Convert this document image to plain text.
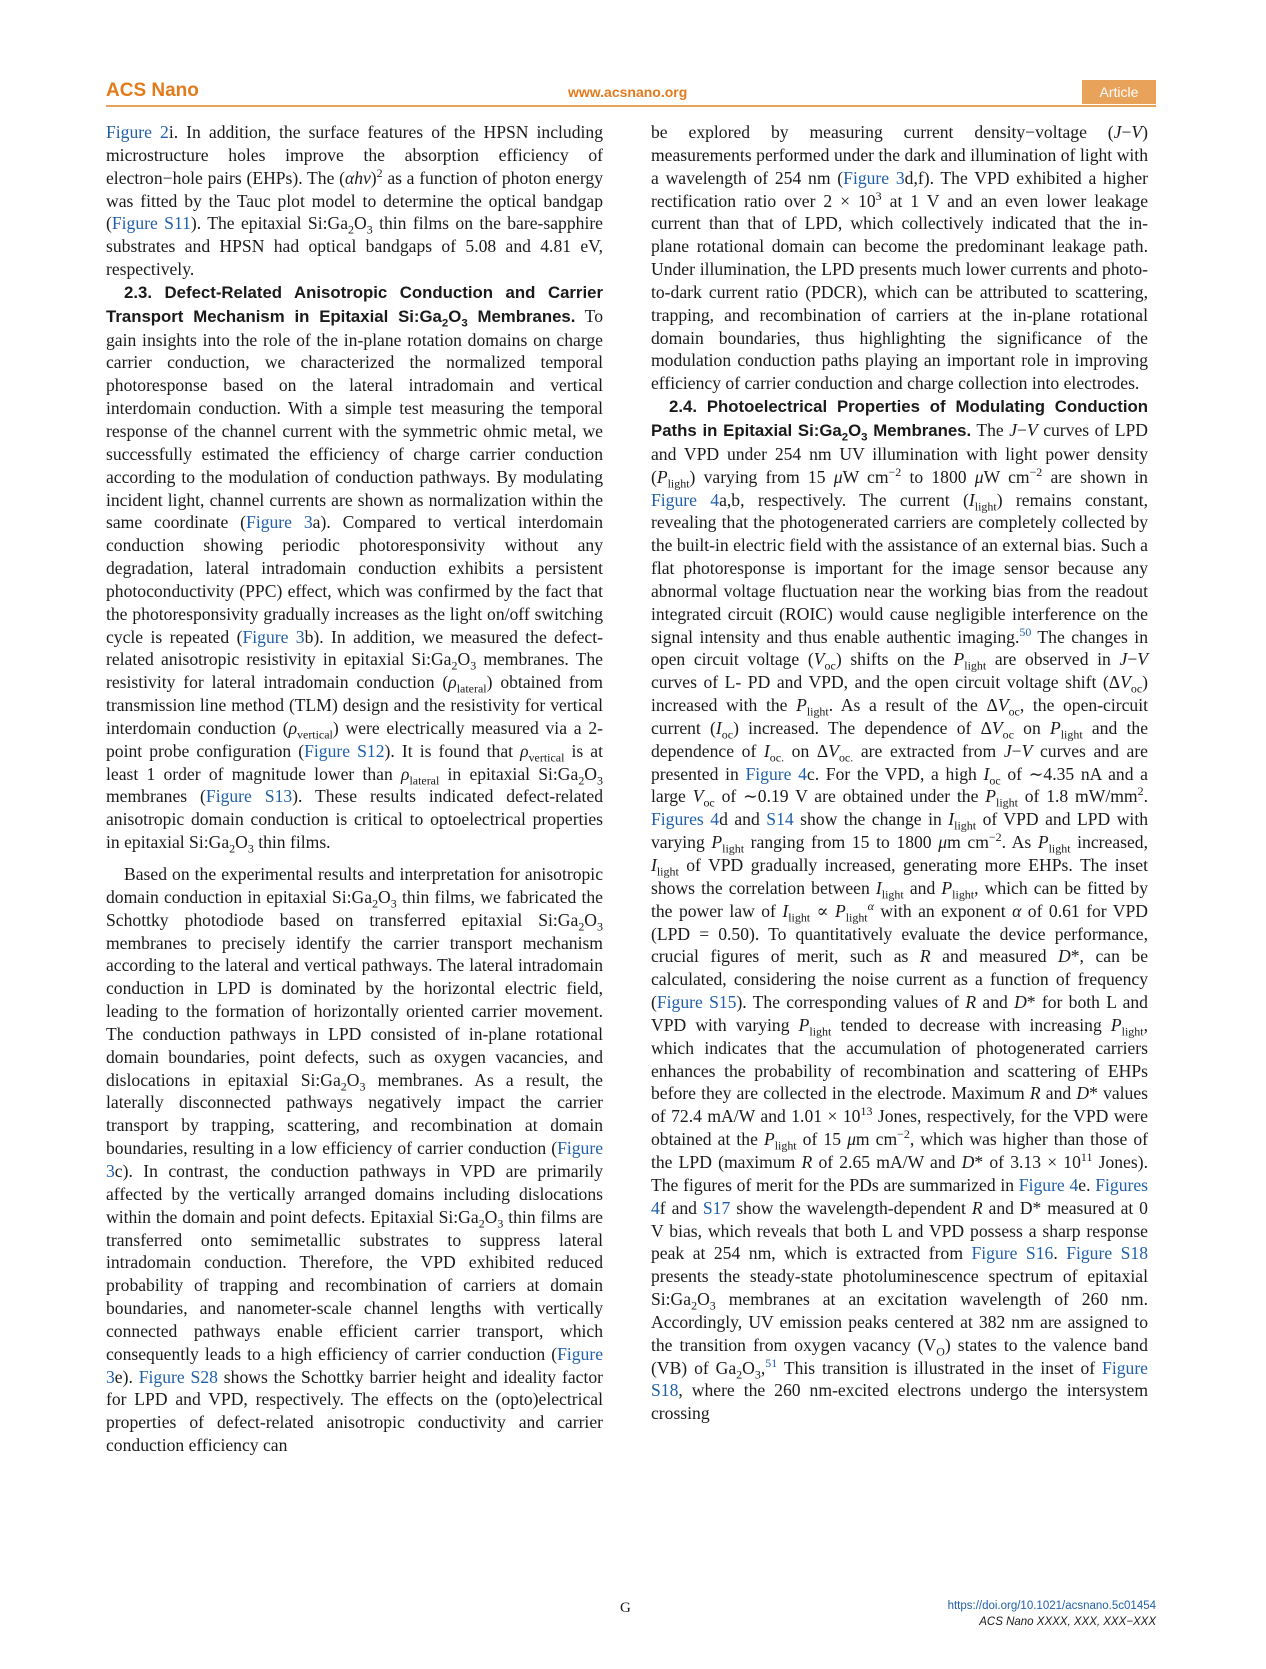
ACS Nano	www.acsnano.org	Article

Figure 2i. In addition, the surface features of the HPSN including microstructure holes improve the absorption efficiency of electron−hole pairs (EHPs). The $(\alpha h\nu)^2$ as a function of photon energy was fitted by the Tauc plot model to determine the optical bandgap (Figure S11). The epitaxial $Si:Ga_2O_3$ thin films on the bare-sapphire substrates and HPSN had optical bandgaps of 5.08 and 4.81 eV, respectively.

2.3. Defect-Related Anisotropic Conduction and Carrier Transport Mechanism in Epitaxial $Si:Ga_2O_3$ Membranes. To gain insights into the role of the in-plane rotation domains on charge carrier conduction, we characterized the normalized temporal photoresponse based on the lateral intradomain and vertical interdomain conduction. With a simple test measuring the temporal response of the channel current with the symmetric ohmic metal, we successfully estimated the efficiency of charge carrier conduction according to the modulation of conduction pathways. By modulating incident light, channel currents are shown as normalization within the same coordinate (Figure 3a). Compared to vertical interdomain conduction showing periodic photoresponsivity without any degradation, lateral intradomain conduction exhibits a persistent photoconductivity (PPC) effect, which was confirmed by the fact that the photoresponsivity gradually increases as the light on/off switching cycle is repeated (Figure 3b). In addition, we measured the defect-related anisotropic resistivity in epitaxial $Si:Ga_2O_3$ membranes. The resistivity for lateral intradomain conduction $(\rho_{lateral})$ obtained from transmission line method (TLM) design and the resistivity for vertical interdomain conduction $(\rho_{vertical})$ were electrically measured via a 2-point probe configuration (Figure S12). It is found that $\rho_{vertical}$ is at least 1 order of magnitude lower than $\rho_{lateral}$ in epitaxial $Si:Ga_2O_3$ membranes (Figure S13). These results indicated defect-related anisotropic domain conduction is critical to optoelectrical properties in epitaxial $Si:Ga_2O_3$ thin films.

Based on the experimental results and interpretation for anisotropic domain conduction in epitaxial $Si:Ga_2O_3$ thin films, we fabricated the Schottky photodiode based on transferred epitaxial $Si:Ga_2O_3$ membranes to precisely identify the carrier transport mechanism according to the lateral and vertical pathways. The lateral intradomain conduction in LPD is dominated by the horizontal electric field, leading to the formation of horizontally oriented carrier movement. The conduction pathways in LPD consisted of in-plane rotational domain boundaries, point defects, such as oxygen vacancies, and dislocations in epitaxial $Si:Ga_2O_3$ membranes. As a result, the laterally disconnected pathways negatively impact the carrier transport by trapping, scattering, and recombination at domain boundaries, resulting in a low efficiency of carrier conduction (Figure 3c). In contrast, the conduction pathways in VPD are primarily affected by the vertically arranged domains including dislocations within the domain and point defects. Epitaxial $Si:Ga_2O_3$ thin films are transferred onto semimetallic substrates to suppress lateral intradomain conduction. Therefore, the VPD exhibited reduced probability of trapping and recombination of carriers at domain boundaries, and nanometer-scale channel lengths with vertically connected pathways enable efficient carrier transport, which consequently leads to a high efficiency of carrier conduction (Figure 3e). Figure S28 shows the Schottky barrier height and ideality factor for LPD and VPD, respectively. The effects on the (opto)electrical properties of defect-related anisotropic conductivity and carrier conduction efficiency can

be explored by measuring current density−voltage (J−V) measurements performed under the dark and illumination of light with a wavelength of 254 nm (Figure 3d,f). The VPD exhibited a higher rectification ratio over $2 \times 10^3$ at 1 V and an even lower leakage current than that of LPD, which collectively indicated that the in-plane rotational domain can become the predominant leakage path. Under illumination, the LPD presents much lower currents and photo-to-dark current ratio (PDCR), which can be attributed to scattering, trapping, and recombination of carriers at the in-plane rotational domain boundaries, thus highlighting the significance of the modulation conduction paths playing an important role in improving efficiency of carrier conduction and charge collection into electrodes.

2.4. Photoelectrical Properties of Modulating Conduction Paths in Epitaxial $Si:Ga_2O_3$ Membranes. The J−V curves of LPD and VPD under 254 nm UV illumination with light power density $(P_{light})$ varying from 15 μW $cm^{-2}$ to 1800 μW $cm^{-2}$ are shown in Figure 4a,b, respectively. The current $(I_{light})$ remains constant, revealing that the photogenerated carriers are completely collected by the built-in electric field with the assistance of an external bias. Such a flat photoresponse is important for the image sensor because any abnormal voltage fluctuation near the working bias from the readout integrated circuit (ROIC) would cause negligible interference on the signal intensity and thus enable authentic imaging.$^{50}$ The changes in open circuit voltage $(V_{oc})$ shifts on the $P_{light}$ are observed in J−V curves of L- PD and VPD, and the open circuit voltage shift $(\Delta V_{oc})$ increased with the $P_{light}$. As a result of the $\Delta V_{oc}$, the open-circuit current $(I_{oc})$ increased. The dependence of $\Delta V_{oc}$ on $P_{light}$ and the dependence of $I_{oc.}$ on $\Delta V_{oc.}$ are extracted from J−V curves and are presented in Figure 4c. For the VPD, a high $I_{oc}$ of ∼4.35 nA and a large $V_{oc}$ of ∼0.19 V are obtained under the $P_{light}$ of 1.8 $mW/mm^2$. Figures 4d and S14 show the change in $I_{light}$ of VPD and LPD with varying $P_{light}$ ranging from 15 to 1800 μm $cm^{-2}$. As $P_{light}$ increased, $I_{light}$ of VPD gradually increased, generating more EHPs. The inset shows the correlation between $I_{light}$ and $P_{light}$, which can be fitted by the power law of $I_{light} \propto P_{light}^\alpha$ with an exponent α of 0.61 for VPD (LPD = 0.50). To quantitatively evaluate the device performance, crucial figures of merit, such as R and measured D*, can be calculated, considering the noise current as a function of frequency (Figure S15). The corresponding values of R and D* for both L and VPD with varying $P_{light}$ tended to decrease with increasing $P_{light}$, which indicates that the accumulation of photogenerated carriers enhances the probability of recombination and scattering of EHPs before they are collected in the electrode. Maximum R and D* values of 72.4 mA/W and $1.01 \times 10^{13}$ Jones, respectively, for the VPD were obtained at the $P_{light}$ of 15 μm $cm^{-2}$, which was higher than those of the LPD (maximum R of 2.65 mA/W and D* of $3.13 \times 10^{11}$ Jones). The figures of merit for the PDs are summarized in Figure 4e. Figures 4f and S17 show the wavelength-dependent R and D* measured at 0 V bias, which reveals that both L and VPD possess a sharp response peak at 254 nm, which is extracted from Figure S16. Figure S18 presents the steady-state photoluminescence spectrum of epitaxial $Si:Ga_2O_3$ membranes at an excitation wavelength of 260 nm. Accordingly, UV emission peaks centered at 382 nm are assigned to the transition from oxygen vacancy $(V_O)$ states to the valence band (VB) of $Ga_2O_3,^{51}$ This transition is illustrated in the inset of Figure S18, where the 260 nm-excited electrons undergo the intersystem crossing

G	https://doi.org/10.1021/acsnano.5c01454
ACS Nano XXXX, XXX, XXX−XXX
